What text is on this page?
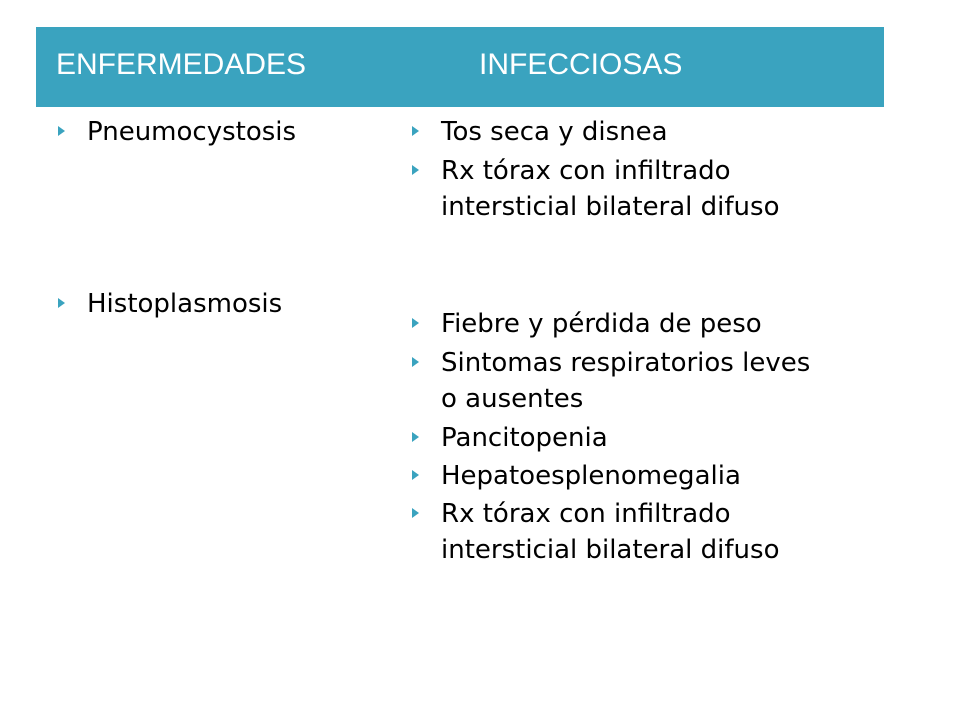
ENFERMEDADES	INFECCIOSAS
Pneumocystosis
Histoplasmosis
Tos seca y disnea
Rx tórax con infiltrado
intersticial bilateral difuso
Fiebre y pérdida de peso
Sintomas respiratorios leves
o ausentes
Pancitopenia
Hepatoesplenomegalia
Rx tórax con infiltrado
intersticial bilateral difuso
